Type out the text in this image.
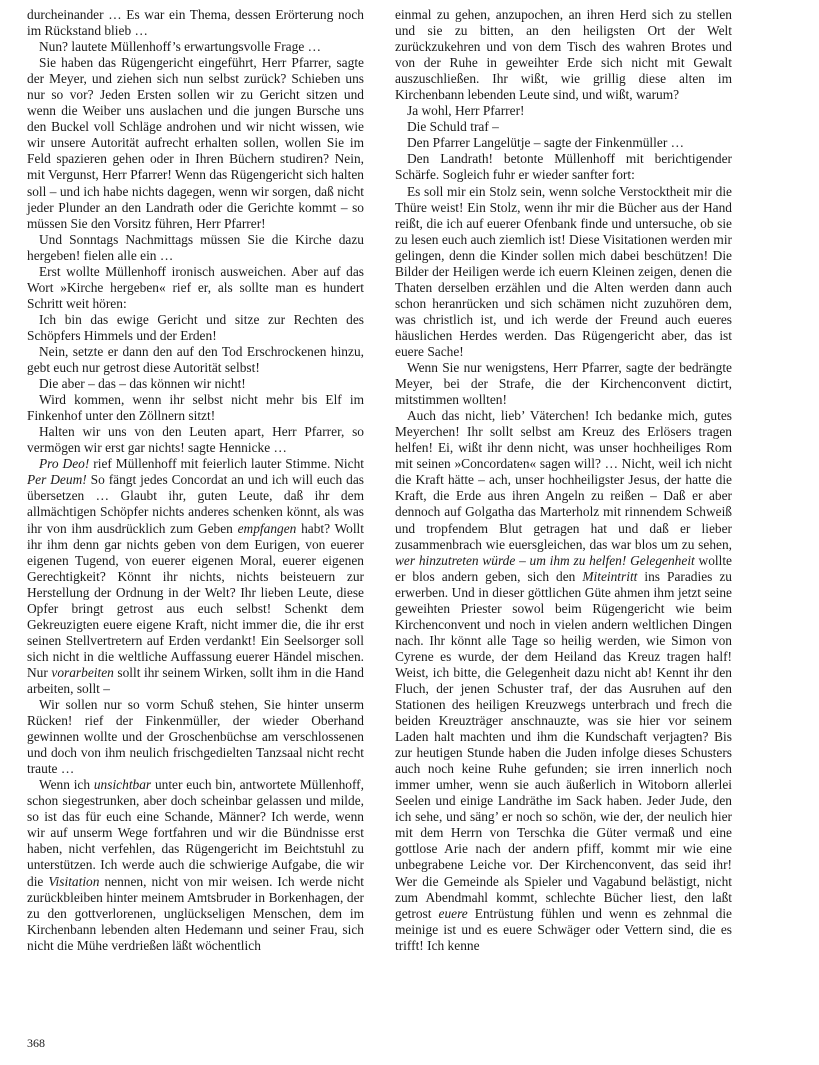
durcheinander … Es war ein Thema, dessen Erörterung noch im Rückstand blieb …

Nun? lautete Müllenhoff’s erwartungsvolle Frage …

Sie haben das Rügengericht eingeführt, Herr Pfarrer, sagte der Meyer, und ziehen sich nun selbst zurück? Schieben uns nur so vor? Jeden Ersten sollen wir zu Gericht sitzen und wenn die Weiber uns auslachen und die jungen Bursche uns den Buckel voll Schläge androhen und wir nicht wissen, wie wir unsere Autorität aufrecht erhalten sollen, wollen Sie im Feld spazieren gehen oder in Ihren Büchern studiren? Nein, mit Vergunst, Herr Pfarrer! Wenn das Rügengericht sich halten soll – und ich habe nichts dagegen, wenn wir sorgen, daß nicht jeder Plunder an den Landrath oder die Gerichte kommt – so müssen Sie den Vorsitz führen, Herr Pfarrer!

Und Sonntags Nachmittags müssen Sie die Kirche dazu hergeben! fielen alle ein …

Erst wollte Müllenhoff ironisch ausweichen. Aber auf das Wort »Kirche hergeben« rief er, als sollte man es hundert Schritt weit hören:

Ich bin das ewige Gericht und sitze zur Rechten des Schöpfers Himmels und der Erden!

Nein, setzte er dann den auf den Tod Erschrockenen hinzu, gebt euch nur getrost diese Autorität selbst!

Die aber – das – das können wir nicht!

Wird kommen, wenn ihr selbst nicht mehr bis Elf im Finkenhof unter den Zöllnern sitzt!

Halten wir uns von den Leuten apart, Herr Pfarrer, so vermögen wir erst gar nichts! sagte Hennicke …

Pro Deo! rief Müllenhoff mit feierlich lauter Stimme. Nicht Per Deum! So fängt jedes Concordat an und ich will euch das übersetzen … Glaubt ihr, guten Leute, daß ihr dem allmächtigen Schöpfer nichts anderes schenken könnt, als was ihr von ihm ausdrücklich zum Geben empfangen habt? Wollt ihr ihm denn gar nichts geben von dem Eurigen, von euerer eigenen Tugend, von euerer eigenen Moral, euerer eigenen Gerechtigkeit? Könnt ihr nichts, nichts beisteuern zur Herstellung der Ordnung in der Welt? Ihr lieben Leute, diese Opfer bringt getrost aus euch selbst! Schenkt dem Gekreuzigten euere eigene Kraft, nicht immer die, die ihr erst seinen Stellvertretern auf Erden verdankt! Ein Seelsorger soll sich nicht in die weltliche Auffassung euerer Händel mischen. Nur vorarbeiten sollt ihr seinem Wirken, sollt ihm in die Hand arbeiten, sollt –

Wir sollen nur so vorm Schuß stehen, Sie hinter unserm Rücken! rief der Finkenmüller, der wieder Oberhand gewinnen wollte und der Groschenbüchse am verschlossenen und doch von ihm neulich frischgedielten Tanzsaal nicht recht traute …

Wenn ich unsichtbar unter euch bin, antwortete Müllenhoff, schon siegestrunken, aber doch scheinbar gelassen und milde, so ist das für euch eine Schande, Männer? Ich werde, wenn wir auf unserm Wege fortfahren und wir die Bündnisse erst haben, nicht verfehlen, das Rügengericht im Beichtstuhl zu unterstützen. Ich werde auch die schwierige Aufgabe, die wir die Visitation nennen, nicht von mir weisen. Ich werde nicht zurückbleiben hinter meinem Amtsbruder in Borkenhagen, der zu den gottverlorenen, unglückseligen Menschen, dem im Kirchenbann lebenden alten Hedemann und seiner Frau, sich nicht die Mühe verdrießen läßt wöchentlich

einmal zu gehen, anzupochen, an ihren Herd sich zu stellen und sie zu bitten, an den heiligsten Ort der Welt zurückzukehren und von dem Tisch des wahren Brotes und von der Ruhe in geweihter Erde sich nicht mit Gewalt auszuschließen. Ihr wißt, wie grillig diese alten im Kirchenbann lebenden Leute sind, und wißt, warum?

Ja wohl, Herr Pfarrer!

Die Schuld traf –

Den Pfarrer Langelütje – sagte der Finkenmüller …

Den Landrath! betonte Müllenhoff mit berichtigender Schärfe. Sogleich fuhr er wieder sanfter fort:

Es soll mir ein Stolz sein, wenn solche Verstocktheit mir die Thüre weist! Ein Stolz, wenn ihr mir die Bücher aus der Hand reißt, die ich auf euerer Ofenbank finde und untersuche, ob sie zu lesen euch auch ziemlich ist! Diese Visitationen werden mir gelingen, denn die Kinder sollen mich dabei beschützen! Die Bilder der Heiligen werde ich euern Kleinen zeigen, denen die Thaten derselben erzählen und die Alten werden dann auch schon heranrücken und sich schämen nicht zuzuhören dem, was christlich ist, und ich werde der Freund auch eueres häuslichen Herdes werden. Das Rügengericht aber, das ist euere Sache!

Wenn Sie nur wenigstens, Herr Pfarrer, sagte der bedrängte Meyer, bei der Strafe, die der Kirchenconvent dictirt, mitstimmen wollten!

Auch das nicht, lieb’ Väterchen! Ich bedanke mich, gutes Meyerchen! Ihr sollt selbst am Kreuz des Erlösers tragen helfen! Ei, wißt ihr denn nicht, was unser hochheiliges Rom mit seinen »Concordaten« sagen will? … Nicht, weil ich nicht die Kraft hätte – ach, unser hochheiligster Jesus, der hatte die Kraft, die Erde aus ihren Angeln zu reißen – Daß er aber dennoch auf Golgatha das Marterholz mit rinnendem Schweiß und tropfendem Blut getragen hat und daß er lieber zusammenbrach wie euersgleichen, das war blos um zu sehen, wer hinzutreten würde – um ihm zu helfen! Gelegenheit wollte er blos andern geben, sich den Miteintritt ins Paradies zu erwerben. Und in dieser göttlichen Güte ahmen ihm jetzt seine geweihten Priester sowol beim Rügengericht wie beim Kirchenconvent und noch in vielen andern weltlichen Dingen nach. Ihr könnt alle Tage so heilig werden, wie Simon von Cyrene es wurde, der dem Heiland das Kreuz tragen half! Weist, ich bitte, die Gelegenheit dazu nicht ab! Kennt ihr den Fluch, der jenen Schuster traf, der das Ausruhen auf den Stationen des heiligen Kreuzwegs unterbrach und frech die beiden Kreuzträger anschnauzte, was sie hier vor seinem Laden halt machten und ihm die Kundschaft verjagten? Bis zur heutigen Stunde haben die Juden infolge dieses Schusters auch noch keine Ruhe gefunden; sie irren innerlich noch immer umher, wenn sie auch äußerlich in Witoborn allerlei Seelen und einige Landräthe im Sack haben. Jeder Jude, den ich sehe, und säng’ er noch so schön, wie der, der neulich hier mit dem Herrn von Terschka die Güter vermaß und eine gottlose Arie nach der andern pfiff, kommt mir wie eine unbegrabene Leiche vor. Der Kirchenconvent, das seid ihr! Wer die Gemeinde als Spieler und Vagabund belästigt, nicht zum Abendmahl kommt, schlechte Bücher liest, den laßt getrost euere Entrüstung fühlen und wenn es zehnmal die meinige ist und es euere Schwäger oder Vettern sind, die es trifft! Ich kenne

368
